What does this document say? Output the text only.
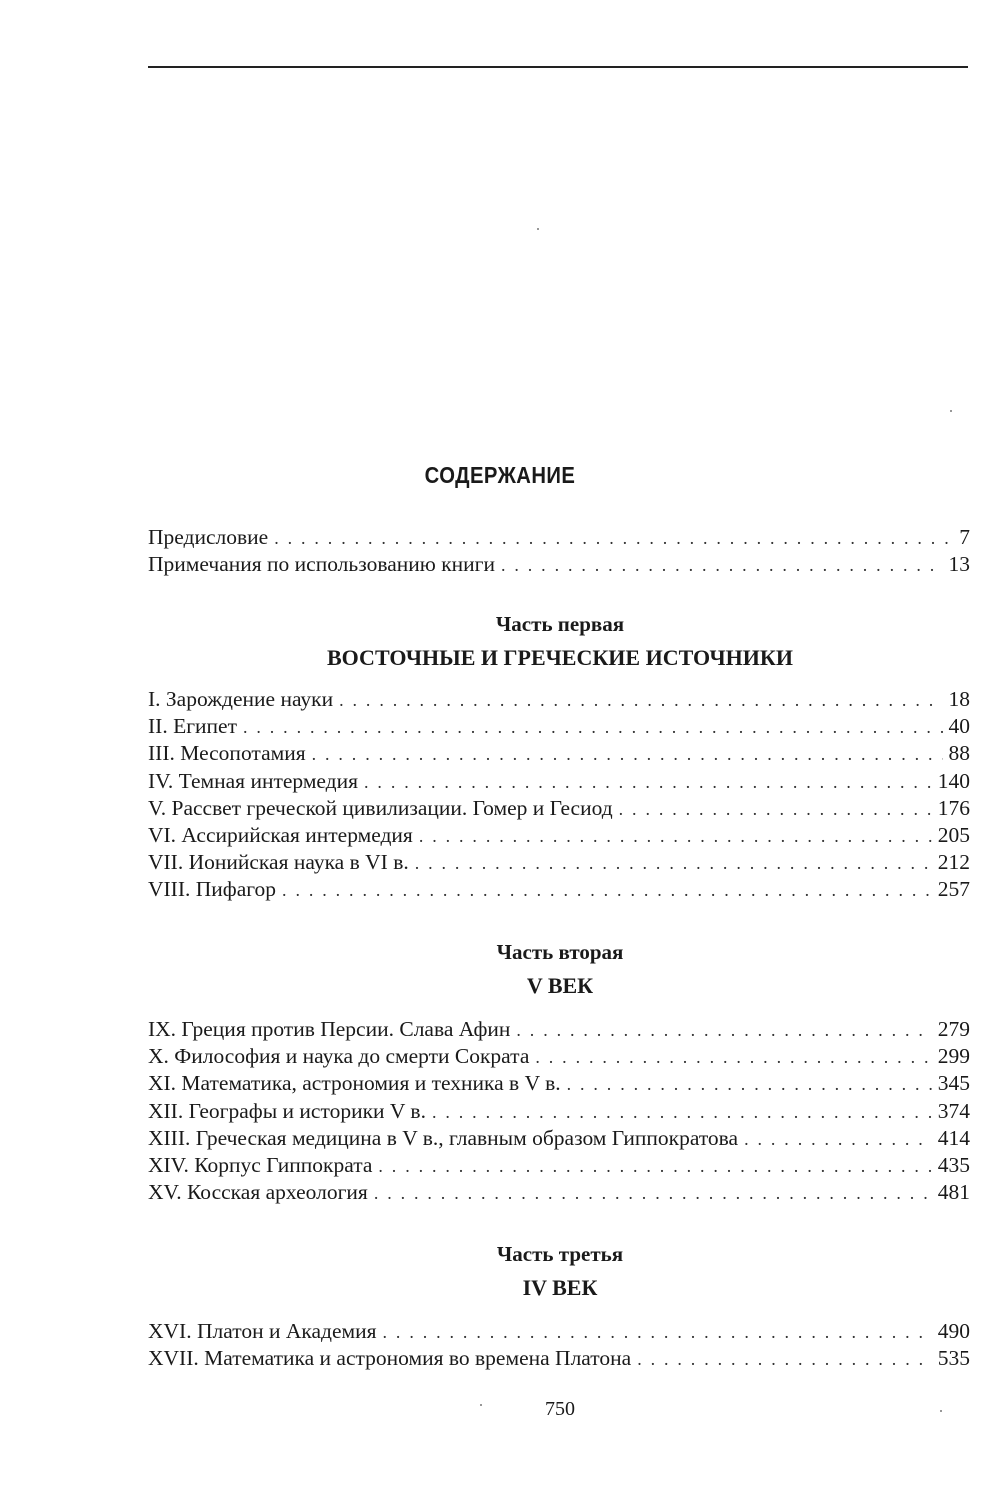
СОДЕРЖАНИЕ
Предисловие . . .	7
Примечания по использованию книги . . .	13
Часть первая
ВОСТОЧНЫЕ И ГРЕЧЕСКИЕ ИСТОЧНИКИ
I. Зарождение науки . . .	18
II. Египет . . .	40
III. Месопотамия . . .	88
IV. Темная интермедия . . .	140
V. Рассвет греческой цивилизации. Гомер и Гесиод . . .	176
VI. Ассирийская интермедия . . .	205
VII. Ионийская наука в VI в. . . .	212
VIII. Пифагор . . .	257
Часть вторая
V ВЕК
IX. Греция против Персии. Слава Афин . . .	279
X. Философия и наука до смерти Сократа . . .	299
XI. Математика, астрономия и техника в V в. . . .	345
XII. Географы и историки V в. . . .	374
XIII. Греческая медицина в V в., главным образом Гиппократова . . .	414
XIV. Корпус Гиппократа . . .	435
XV. Косская археология . . .	481
Часть третья
IV ВЕК
XVI. Платон и Академия . . .	490
XVII. Математика и астрономия во времена Платона . . .	535
750
